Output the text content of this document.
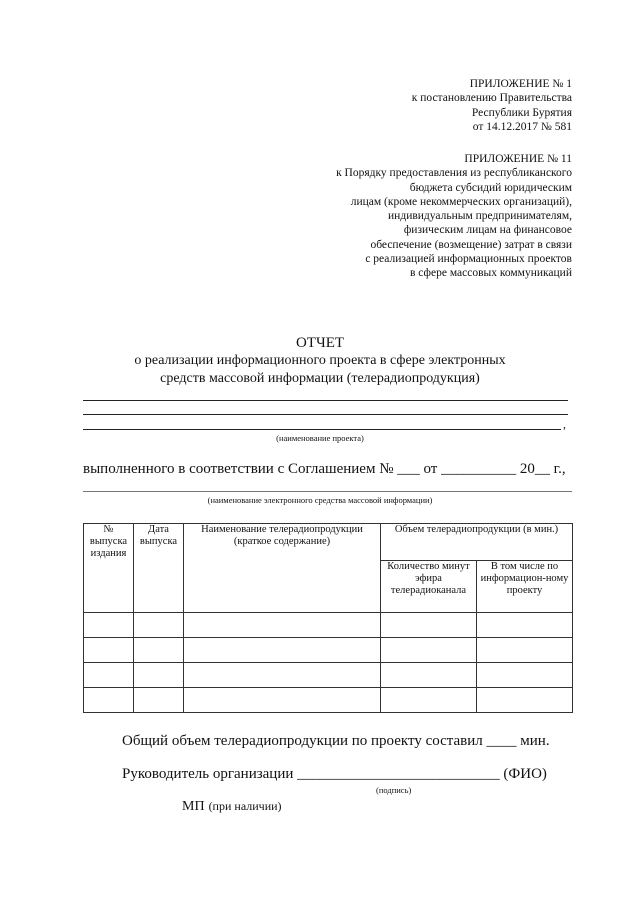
ПРИЛОЖЕНИЕ № 1
к постановлению Правительства
Республики Бурятия
от 14.12.2017 № 581
ПРИЛОЖЕНИЕ № 11
к Порядку предоставления из республиканского
бюджета субсидий юридическим
лицам (кроме некоммерческих организаций),
индивидуальным предпринимателям,
физическим лицам на финансовое
обеспечение (возмещение) затрат в связи
с реализацией информационных проектов
в сфере массовых коммуникаций
ОТЧЕТ
о реализации информационного проекта в сфере электронных
средств массовой информации (телерадиопродукция)
,
(наименование проекта)
выполненного в соответствии с Соглашением № ___ от __________ 20__ г.,
(наименование электронного средства массовой информации)
№ выпуска издания	Дата выпуска	Наименование телерадиопродукции (краткое содержание)	Объем телерадиопродукции (в мин.)	
			Количество минут эфира телерадиоканала	В том числе по информацион-ному проекту

Общий объем телерадиопродукции по проекту составил ____ мин.
Руководитель организации ___________________________ (ФИО)
(подпись)
МП (при наличии)
